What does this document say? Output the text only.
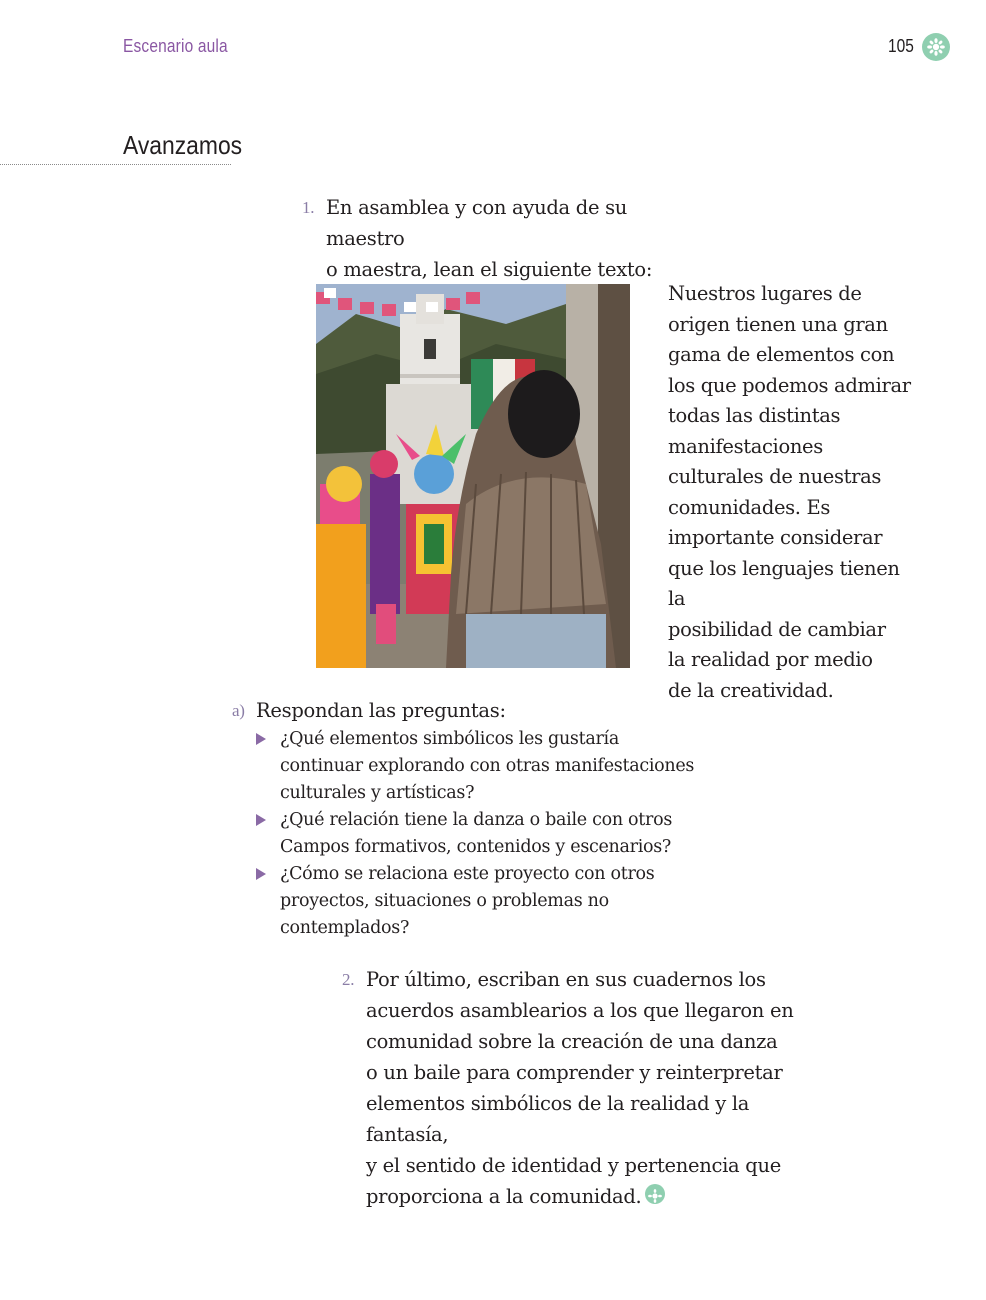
Escenario aula	105
Avanzamos
1. En asamblea y con ayuda de su maestro
o maestra, lean el siguiente texto:
Nuestros lugares de
origen tienen una gran
gama de elementos con
los que podemos admirar
todas las distintas
manifestaciones
culturales de nuestras
comunidades. Es
importante considerar
que los lenguajes tienen la
posibilidad de cambiar
la realidad por medio
de la creatividad.
a) Respondan las preguntas:
¿Qué elementos simbólicos les gustaría
continuar explorando con otras manifestaciones
culturales y artísticas?
¿Qué relación tiene la danza o baile con otros
Campos formativos, contenidos y escenarios?
¿Cómo se relaciona este proyecto con otros
proyectos, situaciones o problemas no
contemplados?
2. Por último, escriban en sus cuadernos los
acuerdos asamblearios a los que llegaron en
comunidad sobre la creación de una danza
o un baile para comprender y reinterpretar
elementos simbólicos de la realidad y la fantasía,
y el sentido de identidad y pertenencia que
proporciona a la comunidad.
